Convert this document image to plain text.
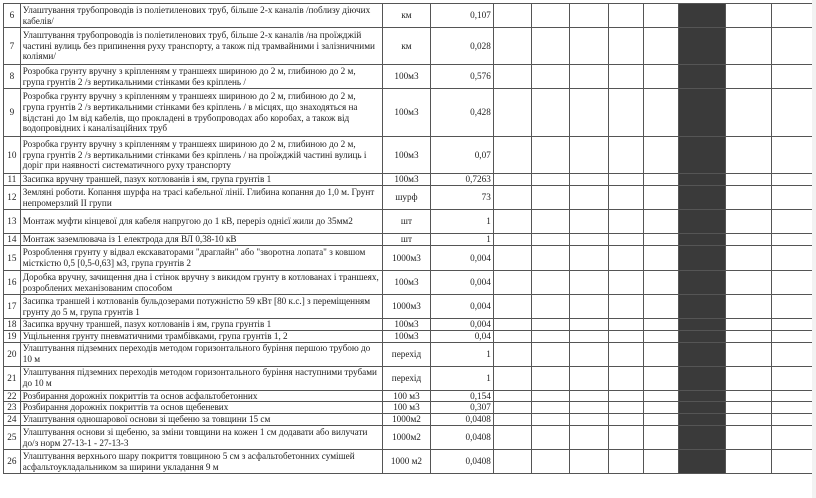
6	Улаштування трубопроводів із поліетиленових труб, більше 2-х каналів /поблизу діючих кабелів/	км	0,107								
7	Улаштування трубопроводів із поліетиленових труб, більше 2-х каналів /на проїжджій частині вулиць без припинення руху транспорту, а також під трамвайними і залізничними коліями/	км	0,028								
8	Розробка грунту вручну з кріпленням у траншеях шириною до 2 м, глибиною до 2 м, група грунтів 2 /з вертикальними стінками без кріплень /	100м3	0,576								
9	Розробка грунту вручну з кріпленням у траншеях шириною до 2 м, глибиною до 2 м, група грунтів 2 /з вертикальними стінками без кріплень / в місцях, що знаходяться на відстані до 1м від кабелів, що прокладені в трубопроводах або коробах, а також від водопровідних і каналізаційних труб	100м3	0,428								
10	Розробка грунту вручну з кріпленням у траншеях шириною до 2 м, глибиною до 2 м, група грунтів 2 /з вертикальними стінками без кріплень / на проїжджій частині вулиць і доріг при наявності систематичного руху транспорту	100м3	0,07								
11	Засипка вручну траншей, пазух котлованів і ям, група грунтів 1	100м3	0,7263								
12	Земляні роботи. Копання шурфа на трасі кабельної лінії. Глибина копання до 1,0 м. Грунт непромерзлий ІІ групи	шурф	73								
13	Монтаж муфти кінцевої для кабеля напругою до 1 кВ, переріз однієї жили до 35мм2	шт	1								
14	Монтаж заземлювача із 1 електрода для ВЛ 0,38-10 кВ	шт	1								
15	Розроблення грунту у відвал екскаваторами "драглайн" або "зворотна лопата" з ковшом місткістю 0,5 [0,5-0,63] м3, група грунтів 2	1000м3	0,004								
16	Доробка вручну, зачищення дна і стінок вручну з викидом грунту в котлованах і траншеях, розроблених механізованим способом	100м3	0,004								
17	Засипка траншей і котлованів бульдозерами потужністю 59 кВт [80 к.с.] з переміщенням грунту до 5 м, група грунтів 1	1000м3	0,004								
18	Засипка вручну траншей, пазух котлованів і ям, група грунтів 1	100м3	0,004								
19	Ущільнення грунту пневматичними трамбівками, група грунтів 1, 2	100м3	0,04								
20	Улаштування підземних переходів методом горизонтального буріння першою трубою до 10 м	перехід	1								
21	Улаштування підземних переходів методом горизонтального буріння наступними трубами до 10 м	перехід	1								
22	Розбирання дорожніх покриттів та основ асфальтобетонних	100 м3	0,154								
23	Розбирання дорожніх покриттів та основ щебеневих	100 м3	0,307								
24	Улаштування одношарової основи зі щебеню за товщини 15 см	1000м2	0,0408								
25	Улаштування основи зі щебеню, за зміни товщини на кожен 1 см додавати або вилучати до/з норм 27-13-1 - 27-13-3	1000м2	0,0408								
26	Улаштування верхнього шару покриття товщиною 5 см з асфальтобетонних сумішей асфальтоукладальником за ширини укладання 9 м	1000 м2	0,0408								
